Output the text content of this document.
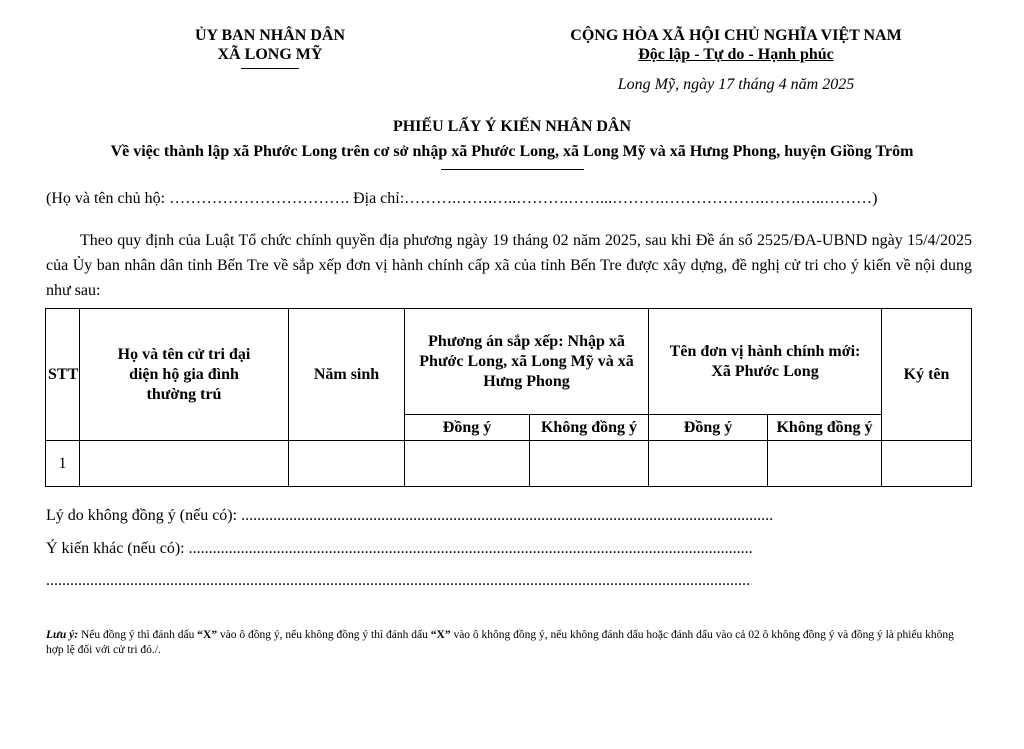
ỦY BAN NHÂN DÂN
XÃ LONG MỸ
CỘNG HÒA XÃ HỘI CHỦ NGHĨA VIỆT NAM
Độc lập - Tự do - Hạnh phúc
Long Mỹ, ngày 17 tháng 4 năm 2025
PHIẾU LẤY Ý KIẾN NHÂN DÂN
Về việc thành lập xã Phước Long trên cơ sở nhập xã Phước Long, xã Long Mỹ và xã Hưng Phong, huyện Giồng Trôm
(Họ và tên chủ hộ: ……………………………. Địa chỉ:……….…….…..……….……...……….……………….…….…..………)
Theo quy định của Luật Tổ chức chính quyền địa phương ngày 19 tháng 02 năm 2025, sau khi Đề án số 2525/ĐA-UBND ngày 15/4/2025 của Ủy ban nhân dân tỉnh Bến Tre về sắp xếp đơn vị hành chính cấp xã của tỉnh Bến Tre được xây dựng, đề nghị cử tri cho ý kiến về nội dung như sau:
STT	Họ và tên cử tri đại diện hộ gia đình thường trú	Năm sinh	Phương án sắp xếp: Nhập xã Phước Long, xã Long Mỹ và xã Hưng Phong		Tên đơn vị hành chính mới: Xã Phước Long		Ký tên
			Đồng ý	Không đồng ý	Đồng ý	Không đồng ý	
1							
Lý do không đồng ý (nếu có): .....................................................................................................................................
Ý kiến khác (nếu có): .............................................................................................................................................
................................................................................................................................................................................
Lưu ý: Nếu đồng ý thì đánh dấu “X” vào ô đồng ý, nếu không đồng ý thì đánh dấu “X” vào ô không đồng ý, nếu không đánh dấu hoặc đánh dấu vào cả 02 ô không đồng ý và đồng ý là phiếu không hợp lệ đối với cử tri đó./.
